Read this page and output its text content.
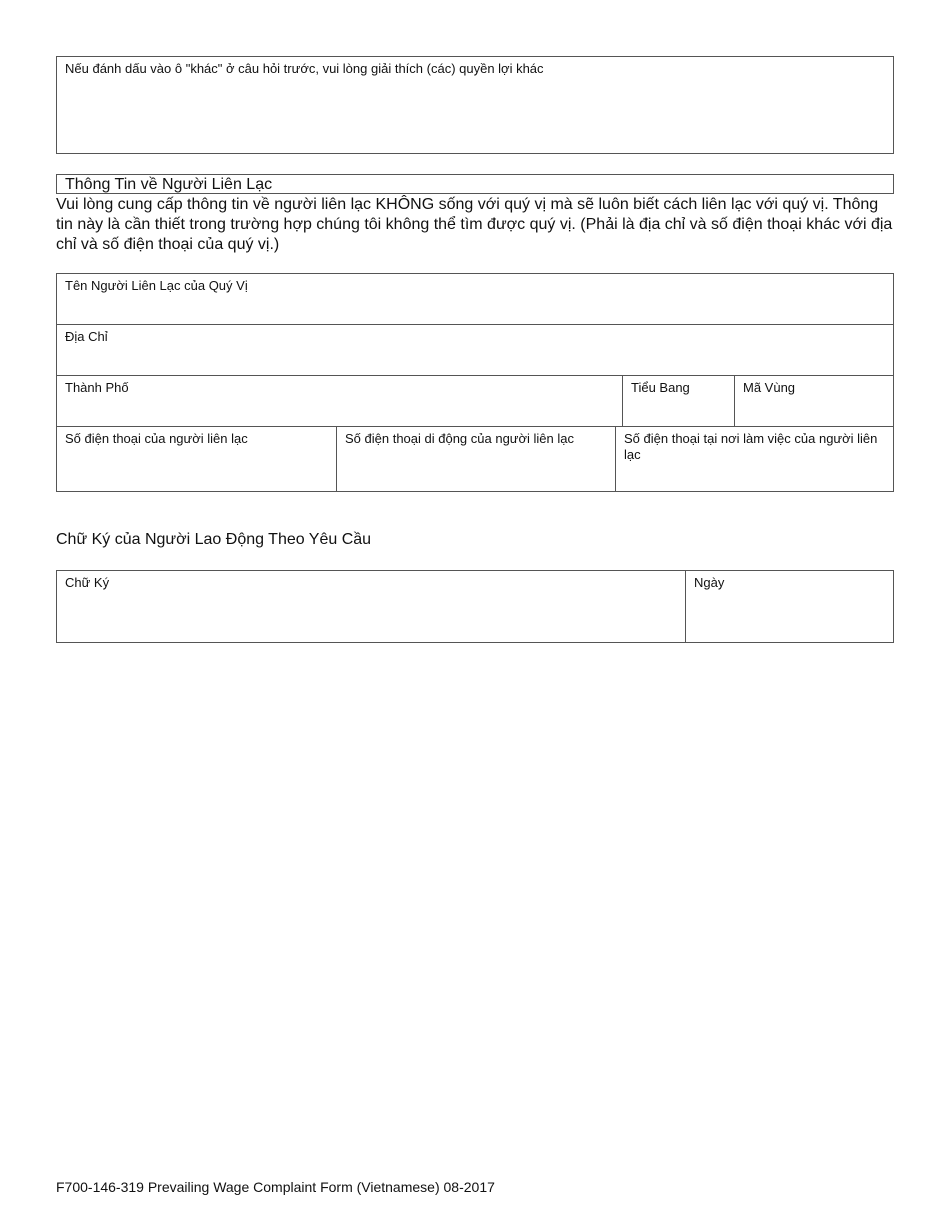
Nếu đánh dấu vào ô "khác" ở câu hỏi trước, vui lòng giải thích (các) quyền lợi khác
Thông Tin về Người Liên Lạc
Vui lòng cung cấp thông tin về người liên lạc KHÔNG sống với quý vị mà sẽ luôn biết cách liên lạc với quý vị. Thông tin này là cần thiết trong trường hợp chúng tôi không thể tìm được quý vị. (Phải là địa chỉ và số điện thoại khác với địa chỉ và số điện thoại của quý vị.)
Tên Người Liên Lạc của Quý Vị
Địa Chỉ
Thành Phố	Tiểu Bang	Mã Vùng
Số điện thoại của người liên lạc	Số điện thoại di động của người liên lạc	Số điện thoại tại nơi làm việc của người liên lạc
Chữ Ký của Người Lao Động Theo Yêu Cầu
Chữ Ký	Ngày
F700-146-319 Prevailing Wage Complaint Form (Vietnamese) 08-2017
